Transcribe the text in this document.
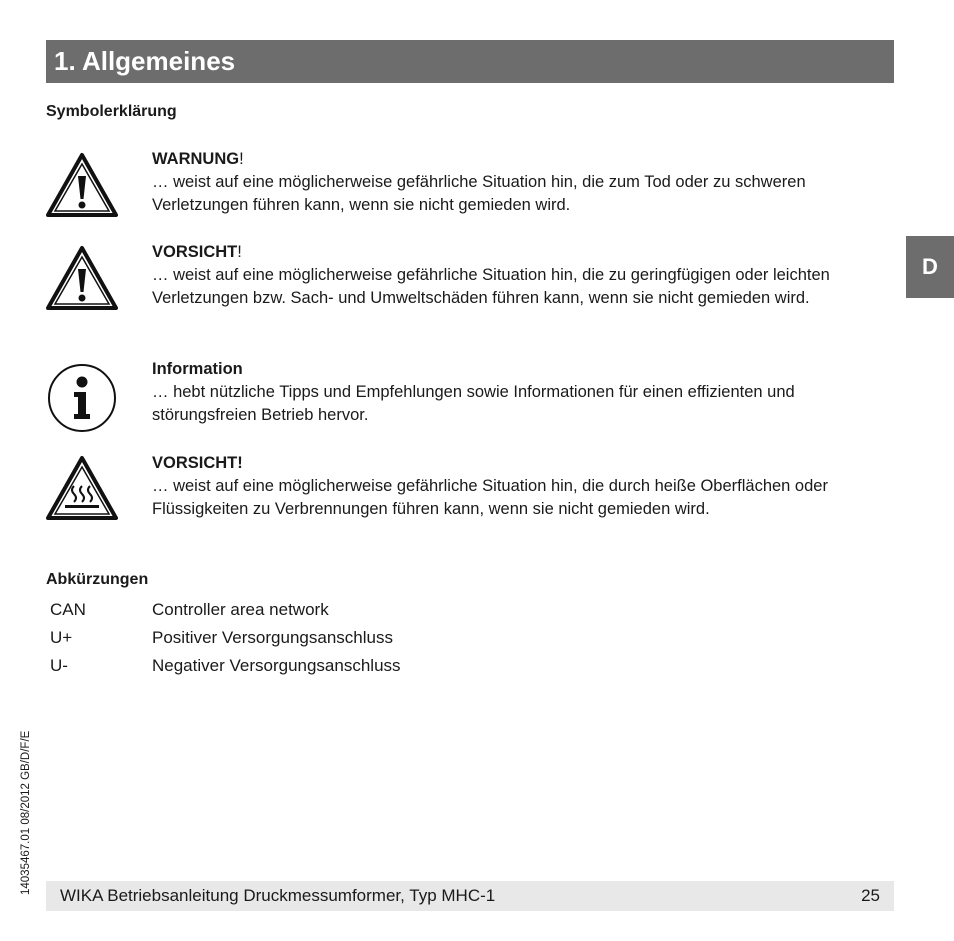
1. Allgemeines
D
Symbolerklärung
WARNUNG!
… weist auf eine möglicherweise gefährliche Situation hin, die zum Tod oder zu schweren Verletzungen führen kann, wenn sie nicht gemieden wird.
VORSICHT!
… weist auf eine möglicherweise gefährliche Situation hin, die zu geringfügigen oder leichten Verletzungen bzw. Sach- und Umweltschäden führen kann, wenn sie nicht gemieden wird.
Information
… hebt nützliche Tipps und Empfehlungen sowie Informationen für einen effizienten und störungsfreien Betrieb hervor.
VORSICHT!
… weist auf eine möglicherweise gefährliche Situation hin, die durch heiße Oberflächen oder Flüssigkeiten zu Verbrennungen führen kann, wenn sie nicht gemieden wird.
Abkürzungen
CAN	Controller area network
U+	Positiver Versorgungsanschluss
U-	Negativer Versorgungsanschluss
14035467.01 08/2012 GB/D/F/E
WIKA Betriebsanleitung Druckmessumformer, Typ MHC-1	25
